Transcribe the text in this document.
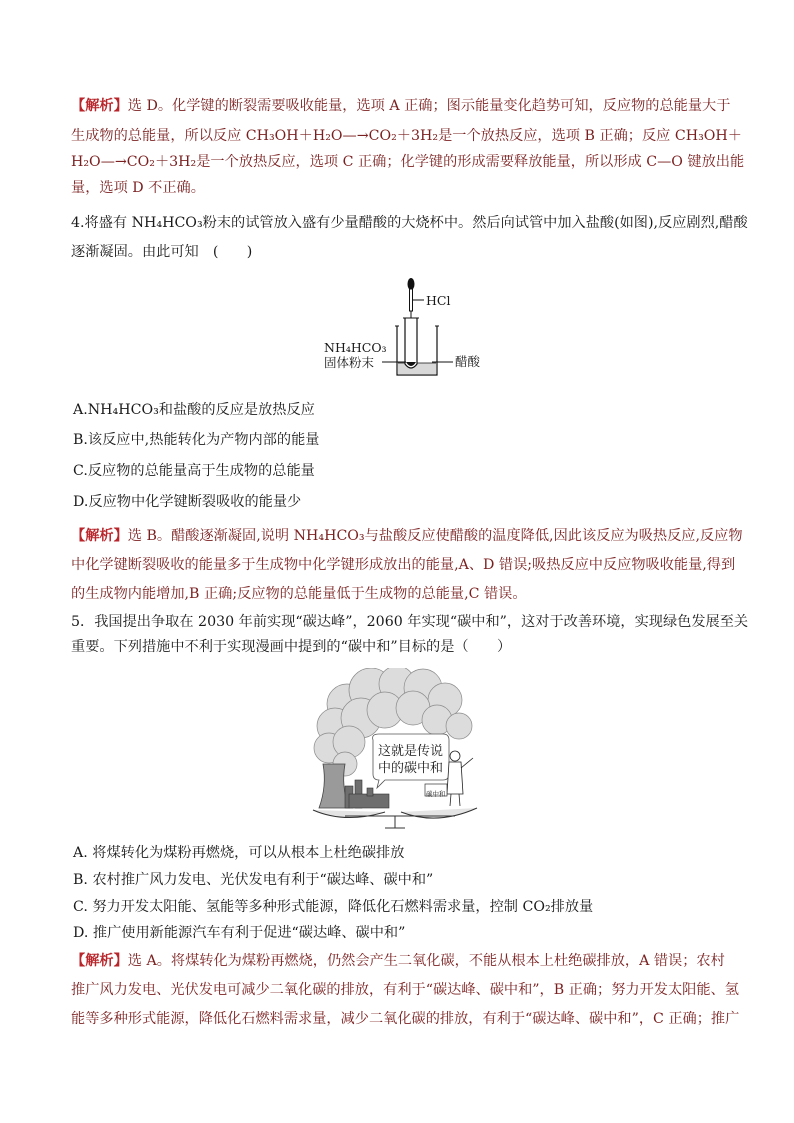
【解析】选 D。化学键的断裂需要吸收能量，选项 A 正确；图示能量变化趋势可知，反应物的总能量大于
生成物的总能量，所以反应 CH₃OH＋H₂O—→CO₂＋3H₂是一个放热反应，选项 B 正确；反应 CH₃OH＋
H₂O—→CO₂＋3H₂是一个放热反应，选项 C 正确；化学键的形成需要释放能量，所以形成 C—O 键放出能
量，选项 D 不正确。
4.将盛有 NH₄HCO₃粉末的试管放入盛有少量醋酸的大烧杯中。然后向试管中加入盐酸(如图),反应剧烈,醋酸
逐渐凝固。由此可知　(　　)
HCl
NH₄HCO₃
固体粉末	醋酸
A.NH₄HCO₃和盐酸的反应是放热反应
B.该反应中,热能转化为产物内部的能量
C.反应物的总能量高于生成物的总能量
D.反应物中化学键断裂吸收的能量少
【解析】选 B。醋酸逐渐凝固,说明 NH₄HCO₃与盐酸反应使醋酸的温度降低,因此该反应为吸热反应,反应物
中化学键断裂吸收的能量多于生成物中化学键形成放出的能量,A、D 错误;吸热反应中反应物吸收能量,得到
的生成物内能增加,B 正确;反应物的总能量低于生成物的总能量,C 错误。
5．我国提出争取在 2030 年前实现“碳达峰”，2060 年实现“碳中和”，这对于改善环境，实现绿色发展至关
重要。下列措施中不利于实现漫画中提到的“碳中和”目标的是（　　）
这就是传说
中的碳中和
碳中和
A. 将煤转化为煤粉再燃烧，可以从根本上杜绝碳排放
B. 农村推广风力发电、光伏发电有利于“碳达峰、碳中和”
C. 努力开发太阳能、氢能等多种形式能源，降低化石燃料需求量，控制 CO₂排放量
D. 推广使用新能源汽车有利于促进“碳达峰、碳中和”
【解析】选 A。将煤转化为煤粉再燃烧，仍然会产生二氧化碳，不能从根本上杜绝碳排放，A 错误；农村
推广风力发电、光伏发电可减少二氧化碳的排放，有利于“碳达峰、碳中和”，B 正确；努力开发太阳能、氢
能等多种形式能源，降低化石燃料需求量，减少二氧化碳的排放，有利于“碳达峰、碳中和”，C 正确；推广
